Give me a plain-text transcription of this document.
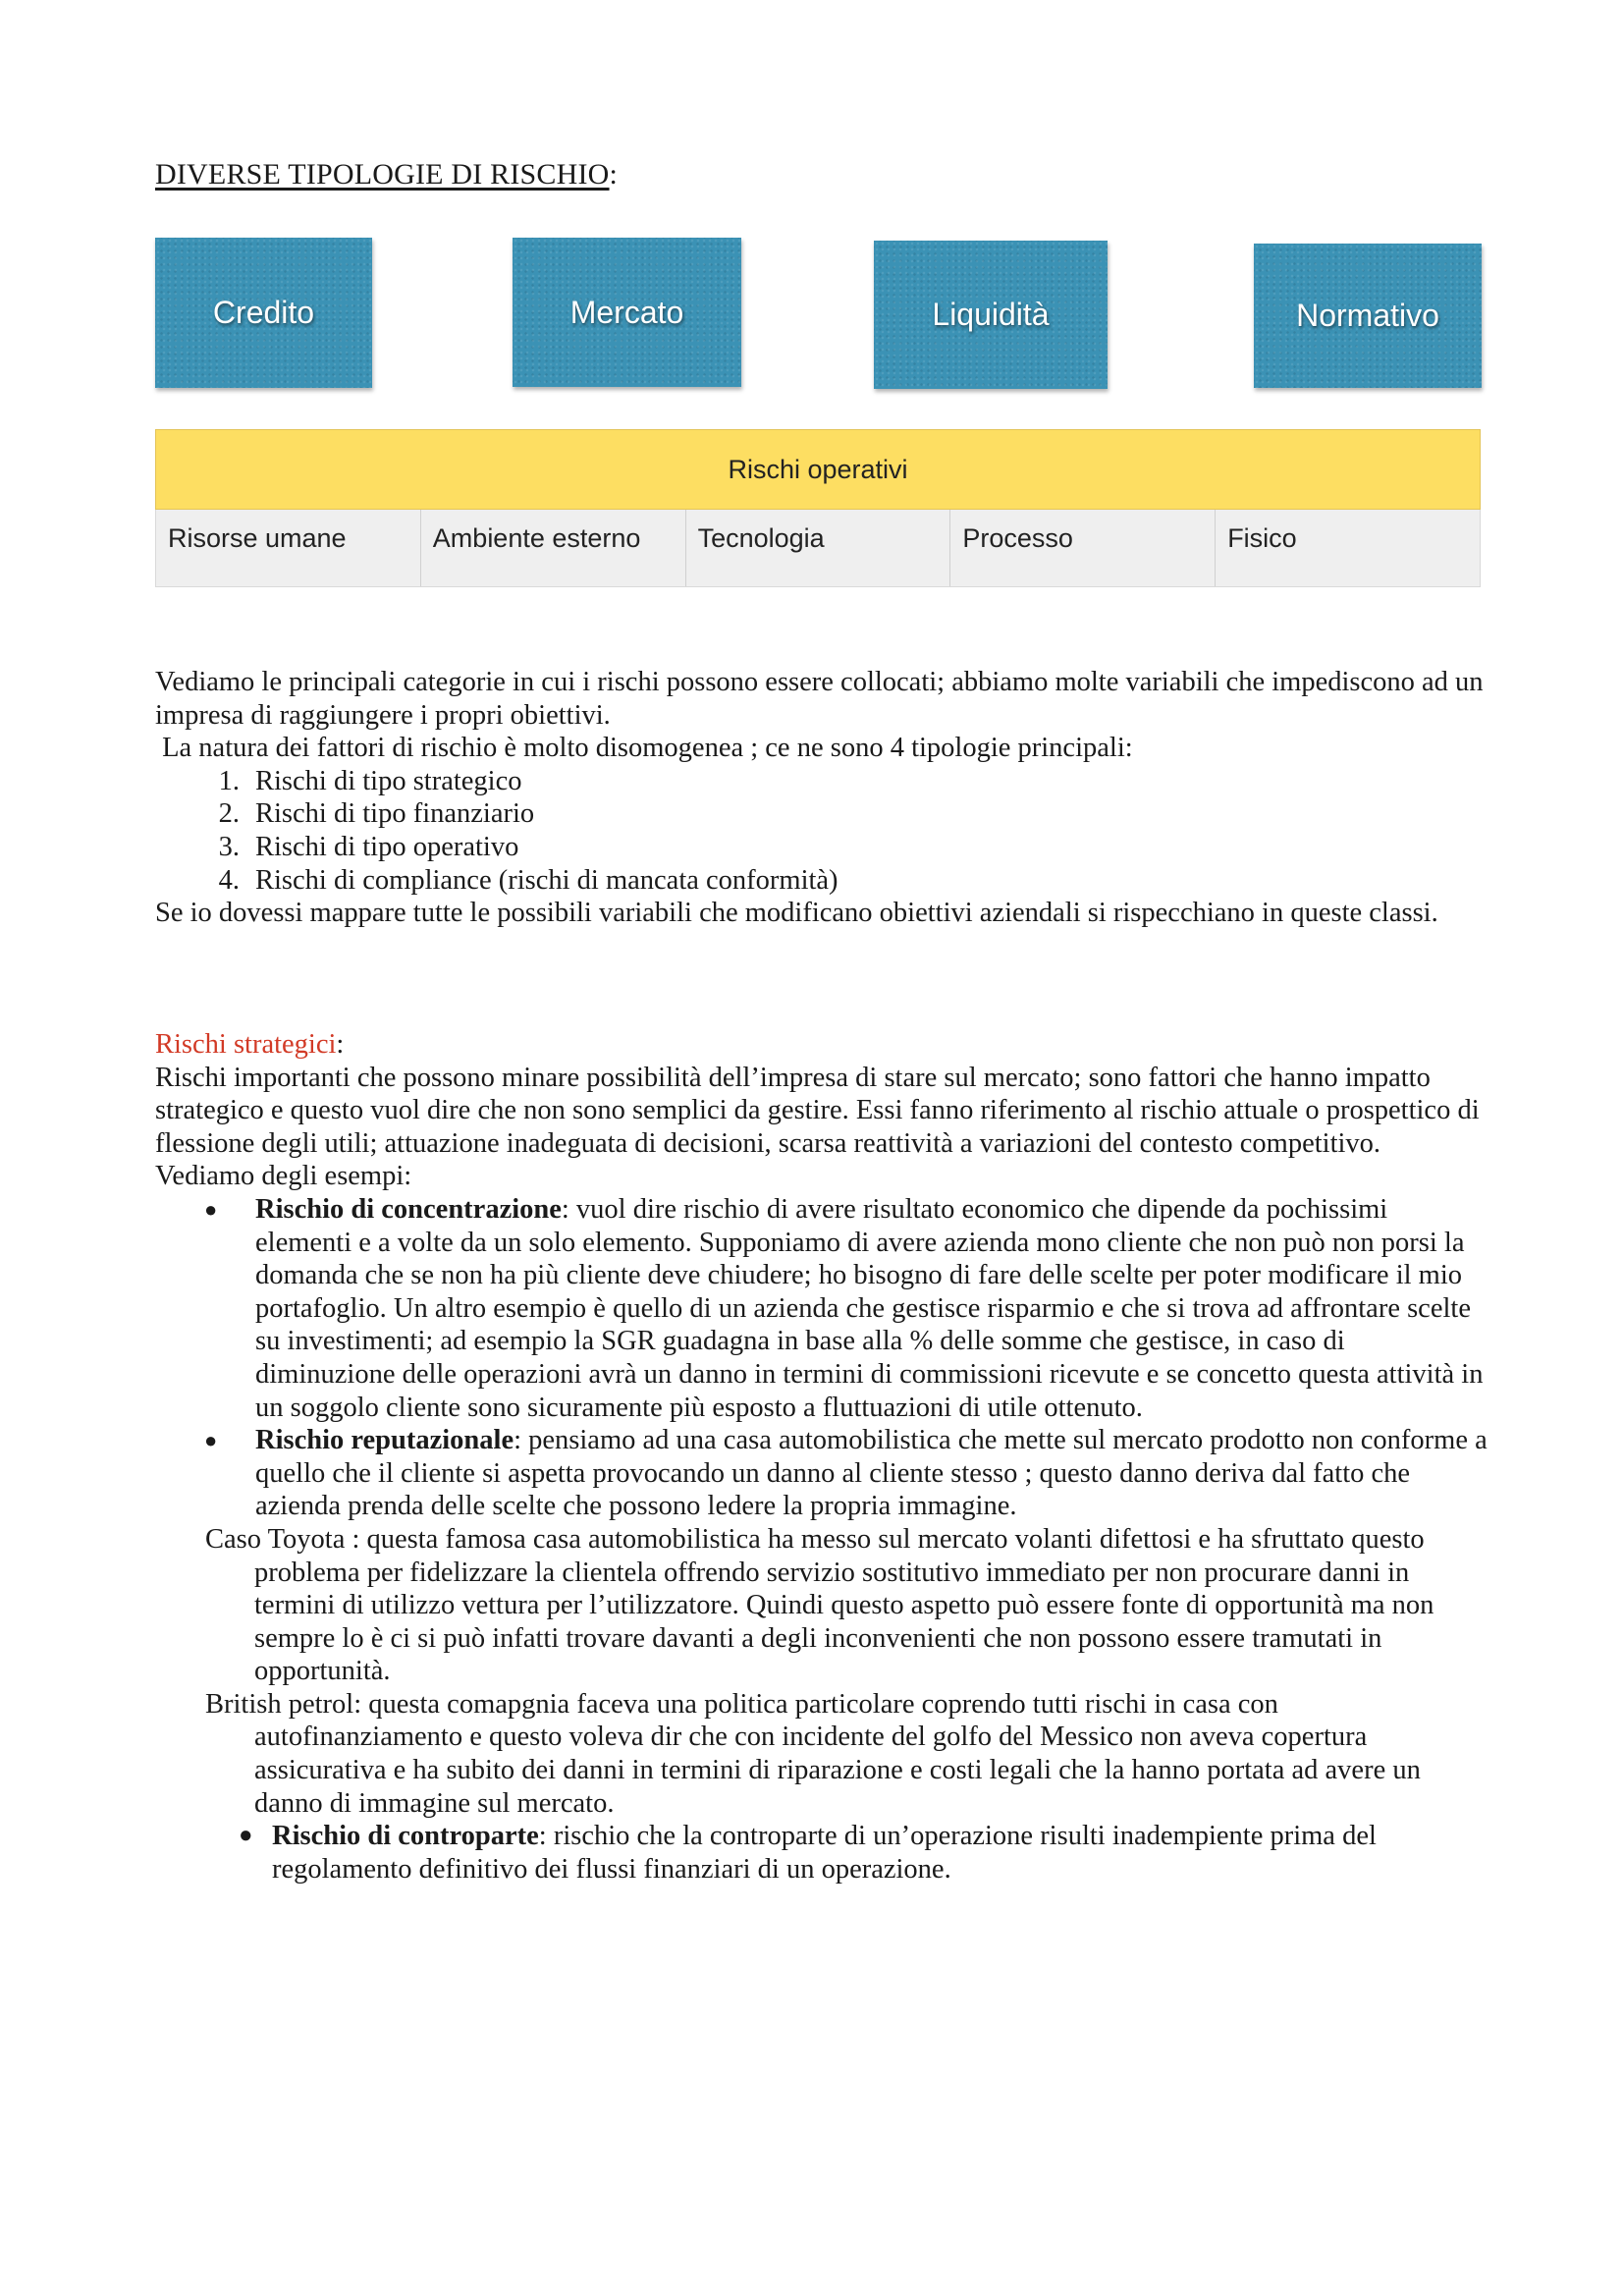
DIVERSE TIPOLOGIE DI RISCHIO:
Credito	Mercato	Liquidità	Normativo
Rischi operativi
Risorse umane	Ambiente esterno	Tecnologia	Processo	Fisico

Vediamo le principali categorie in cui i rischi possono essere collocati; abbiamo molte variabili che impediscono ad un impresa di raggiungere i propri obiettivi.

La natura dei fattori di rischio è molto disomogenea ; ce ne sono 4 tipologie principali:

1. Rischi di tipo strategico
2. Rischi di tipo finanziario
3. Rischi di tipo operativo
4. Rischi di compliance (rischi di mancata conformità)

Se io dovessi mappare tutte le possibili variabili che modificano obiettivi aziendali si rispecchiano in queste classi.

Rischi strategici:

Rischi importanti che possono minare possibilità dell’impresa di stare sul mercato; sono fattori che hanno impatto strategico e questo vuol dire che non sono semplici da gestire. Essi fanno riferimento al rischio attuale o prospettico di flessione degli utili; attuazione inadeguata di decisioni, scarsa reattività a variazioni del contesto competitivo.

Vediamo degli esempi:

●	Rischio di concentrazione: vuol dire rischio di avere risultato economico che dipende da pochissimi elementi e a volte da un solo elemento. Supponiamo di avere azienda mono cliente che non può non porsi la domanda che se non ha più cliente deve chiudere; ho bisogno di fare delle scelte per poter modificare il mio portafoglio. Un altro esempio è quello di un azienda che gestisce risparmio e che si trova ad affrontare scelte su investimenti; ad esempio la SGR guadagna in base alla % delle somme che gestisce, in caso di diminuzione delle operazioni avrà un danno in termini di commissioni ricevute e se concetto questa attività in un soggolo cliente sono sicuramente più esposto a fluttuazioni di utile ottenuto.
●	Rischio reputazionale: pensiamo ad una casa automobilistica che mette sul mercato prodotto non conforme a quello che il cliente si aspetta provocando un danno al cliente stesso ; questo danno deriva dal fatto che azienda prenda delle scelte che possono ledere la propria immagine.

Caso Toyota : questa famosa casa automobilistica ha messo sul mercato volanti difettosi e ha sfruttato questo problema per fidelizzare la clientela offrendo servizio sostitutivo immediato per non procurare danni in termini di utilizzo vettura per l’utilizzatore. Quindi questo aspetto può essere fonte di opportunità ma non sempre lo è ci si può infatti trovare davanti a degli inconvenienti che non possono essere tramutati in opportunità.

British petrol: questa comapgnia faceva una politica particolare coprendo tutti rischi in casa con autofinanziamento e questo voleva dir che con incidente del golfo del Messico non aveva copertura assicurativa e ha subito dei danni in termini di riparazione e costi legali che la hanno portata ad avere un danno di immagine sul mercato.

● Rischio di controparte: rischio che la controparte di un’operazione risulti inadempiente prima del regolamento definitivo dei flussi finanziari di un operazione.
